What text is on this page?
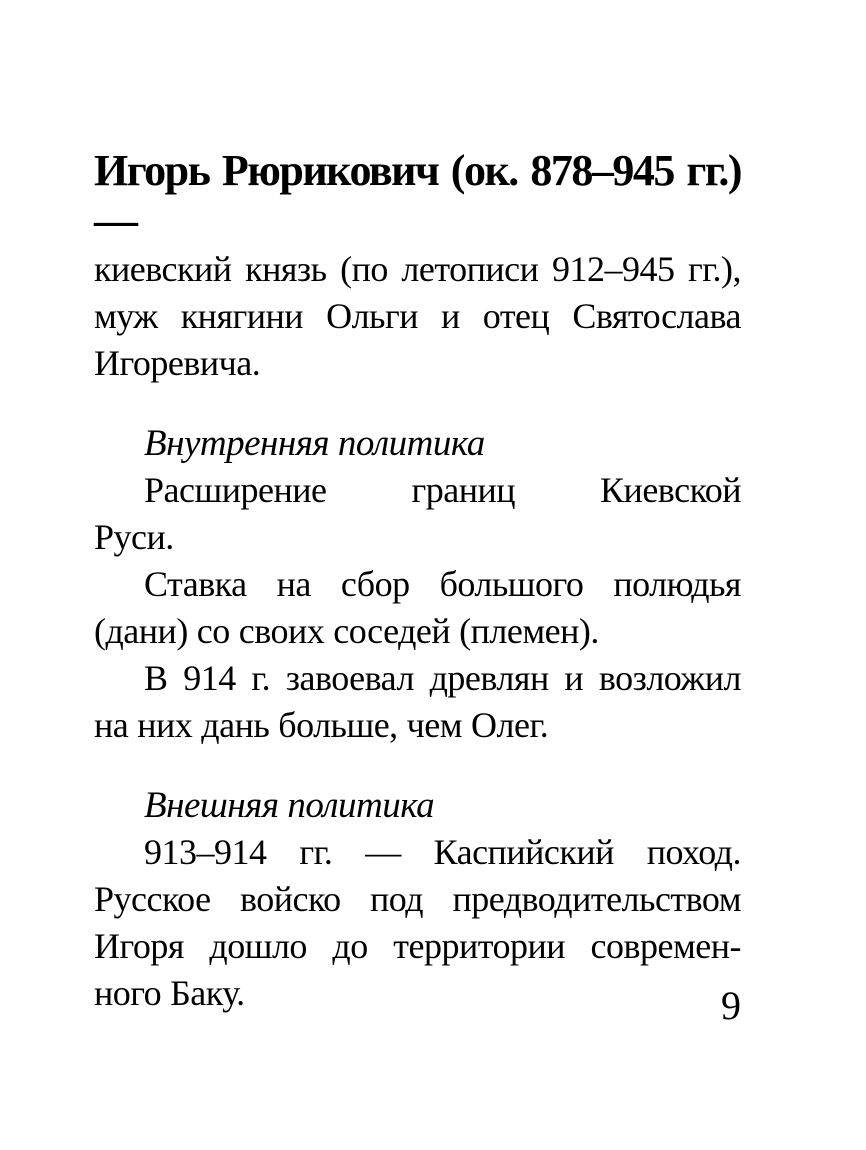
Игорь Рюрикович (ок. 878–945 гг.) —
киевский князь (по летописи 912–945 гг.),
муж княгини Ольги и отец Святослава
Игоревича.
Внутренняя политика
Расширение границ Киевской
Руси.
Ставка на сбор большого полюдья
(дани) со своих соседей (племен).
В 914 г. завоевал древлян и возложил
на них дань больше, чем Олег.
Внешняя политика
913–914 гг. — Каспийский поход.
Русское войско под предводительством
Игоря дошло до территории современ-
ного Баку.	9
